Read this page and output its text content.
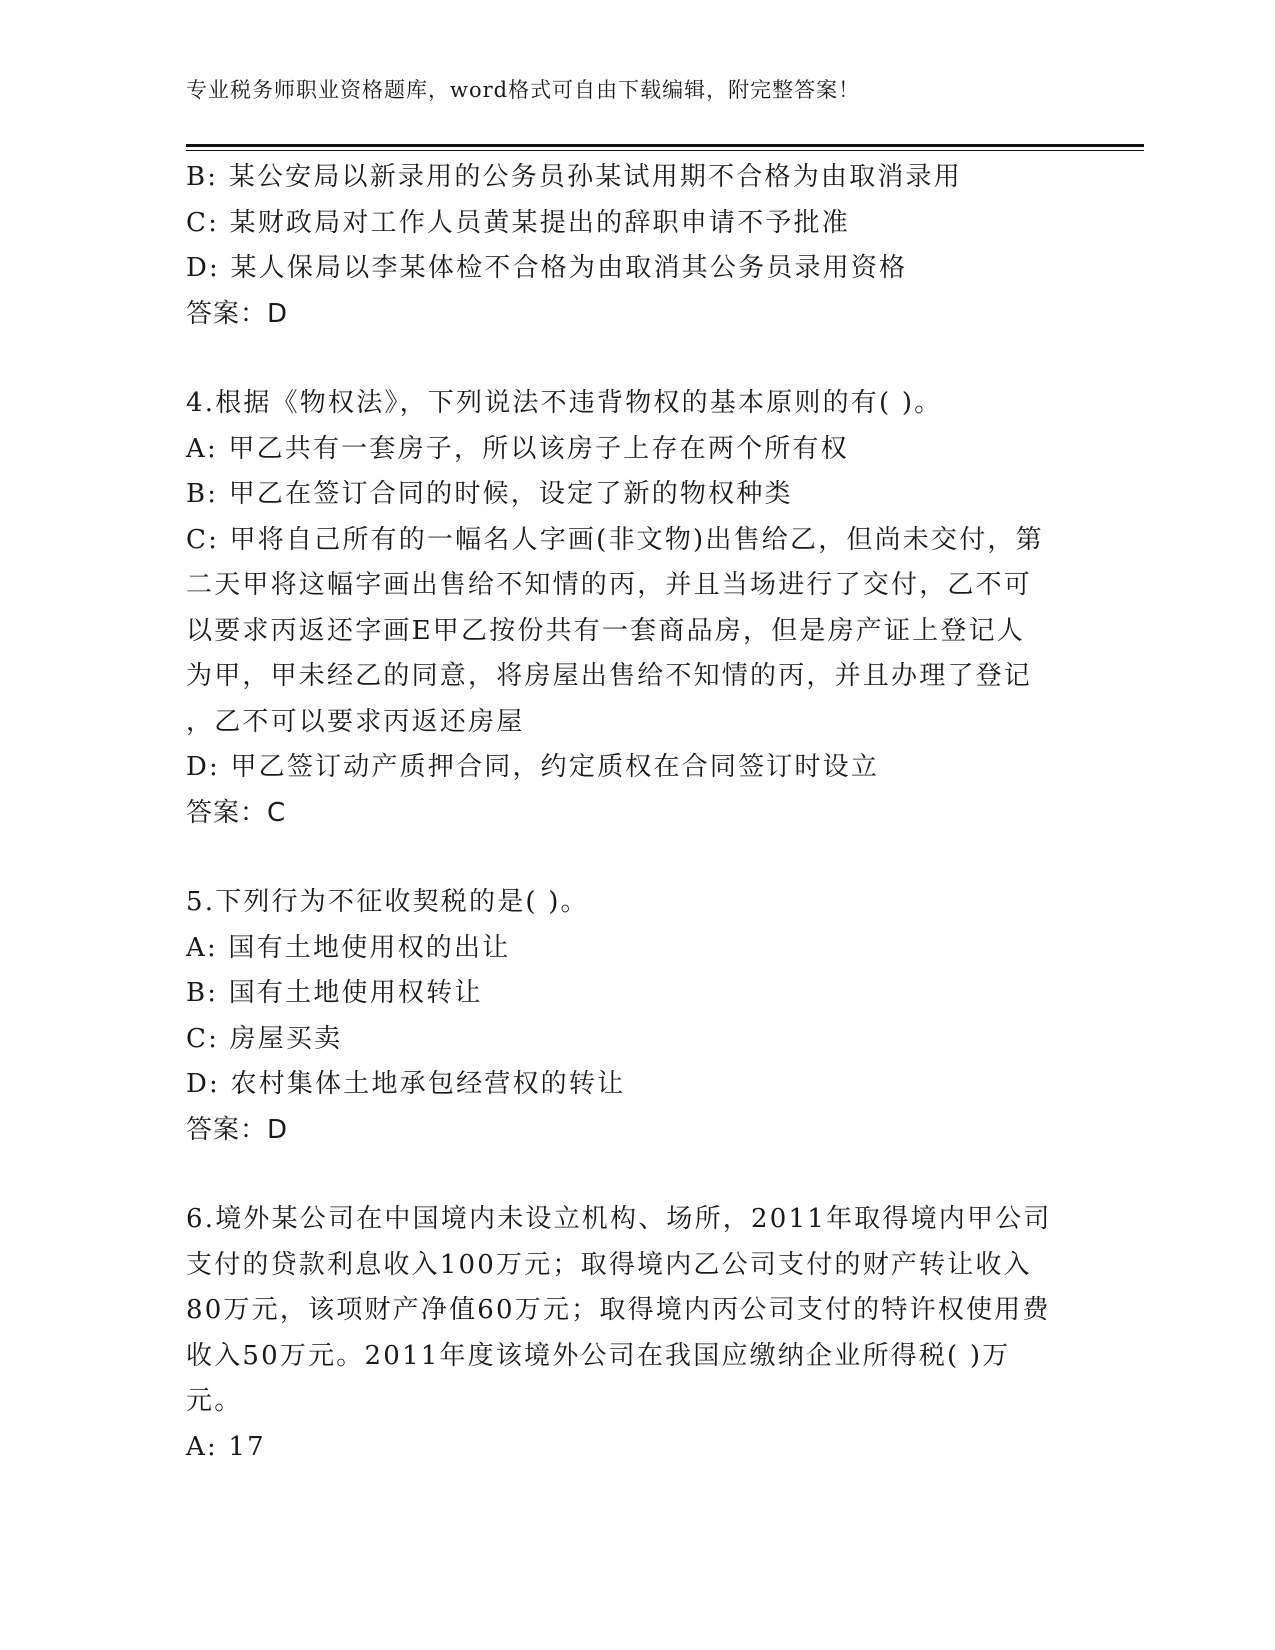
专业税务师职业资格题库，word格式可自由下载编辑，附完整答案！
B: 某公安局以新录用的公务员孙某试用期不合格为由取消录用
C: 某财政局对工作人员黄某提出的辞职申请不予批准
D: 某人保局以李某体检不合格为由取消其公务员录用资格
答案：D
4.根据《物权法》，下列说法不违背物权的基本原则的有( )。
A: 甲乙共有一套房子，所以该房子上存在两个所有权
B: 甲乙在签订合同的时候，设定了新的物权种类
C: 甲将自己所有的一幅名人字画(非文物)出售给乙，但尚未交付，第
二天甲将这幅字画出售给不知情的丙，并且当场进行了交付，乙不可
以要求丙返还字画E甲乙按份共有一套商品房，但是房产证上登记人
为甲，甲未经乙的同意，将房屋出售给不知情的丙，并且办理了登记
，乙不可以要求丙返还房屋
D: 甲乙签订动产质押合同，约定质权在合同签订时设立
答案：C
5.下列行为不征收契税的是( )。
A: 国有土地使用权的出让
B: 国有土地使用权转让
C: 房屋买卖
D: 农村集体土地承包经营权的转让
答案：D
6.境外某公司在中国境内未设立机构、场所，2011年取得境内甲公司
支付的贷款利息收入100万元；取得境内乙公司支付的财产转让收入
80万元，该项财产净值60万元；取得境内丙公司支付的特许权使用费
收入50万元。2011年度该境外公司在我国应缴纳企业所得税( )万
元。
A: 17
